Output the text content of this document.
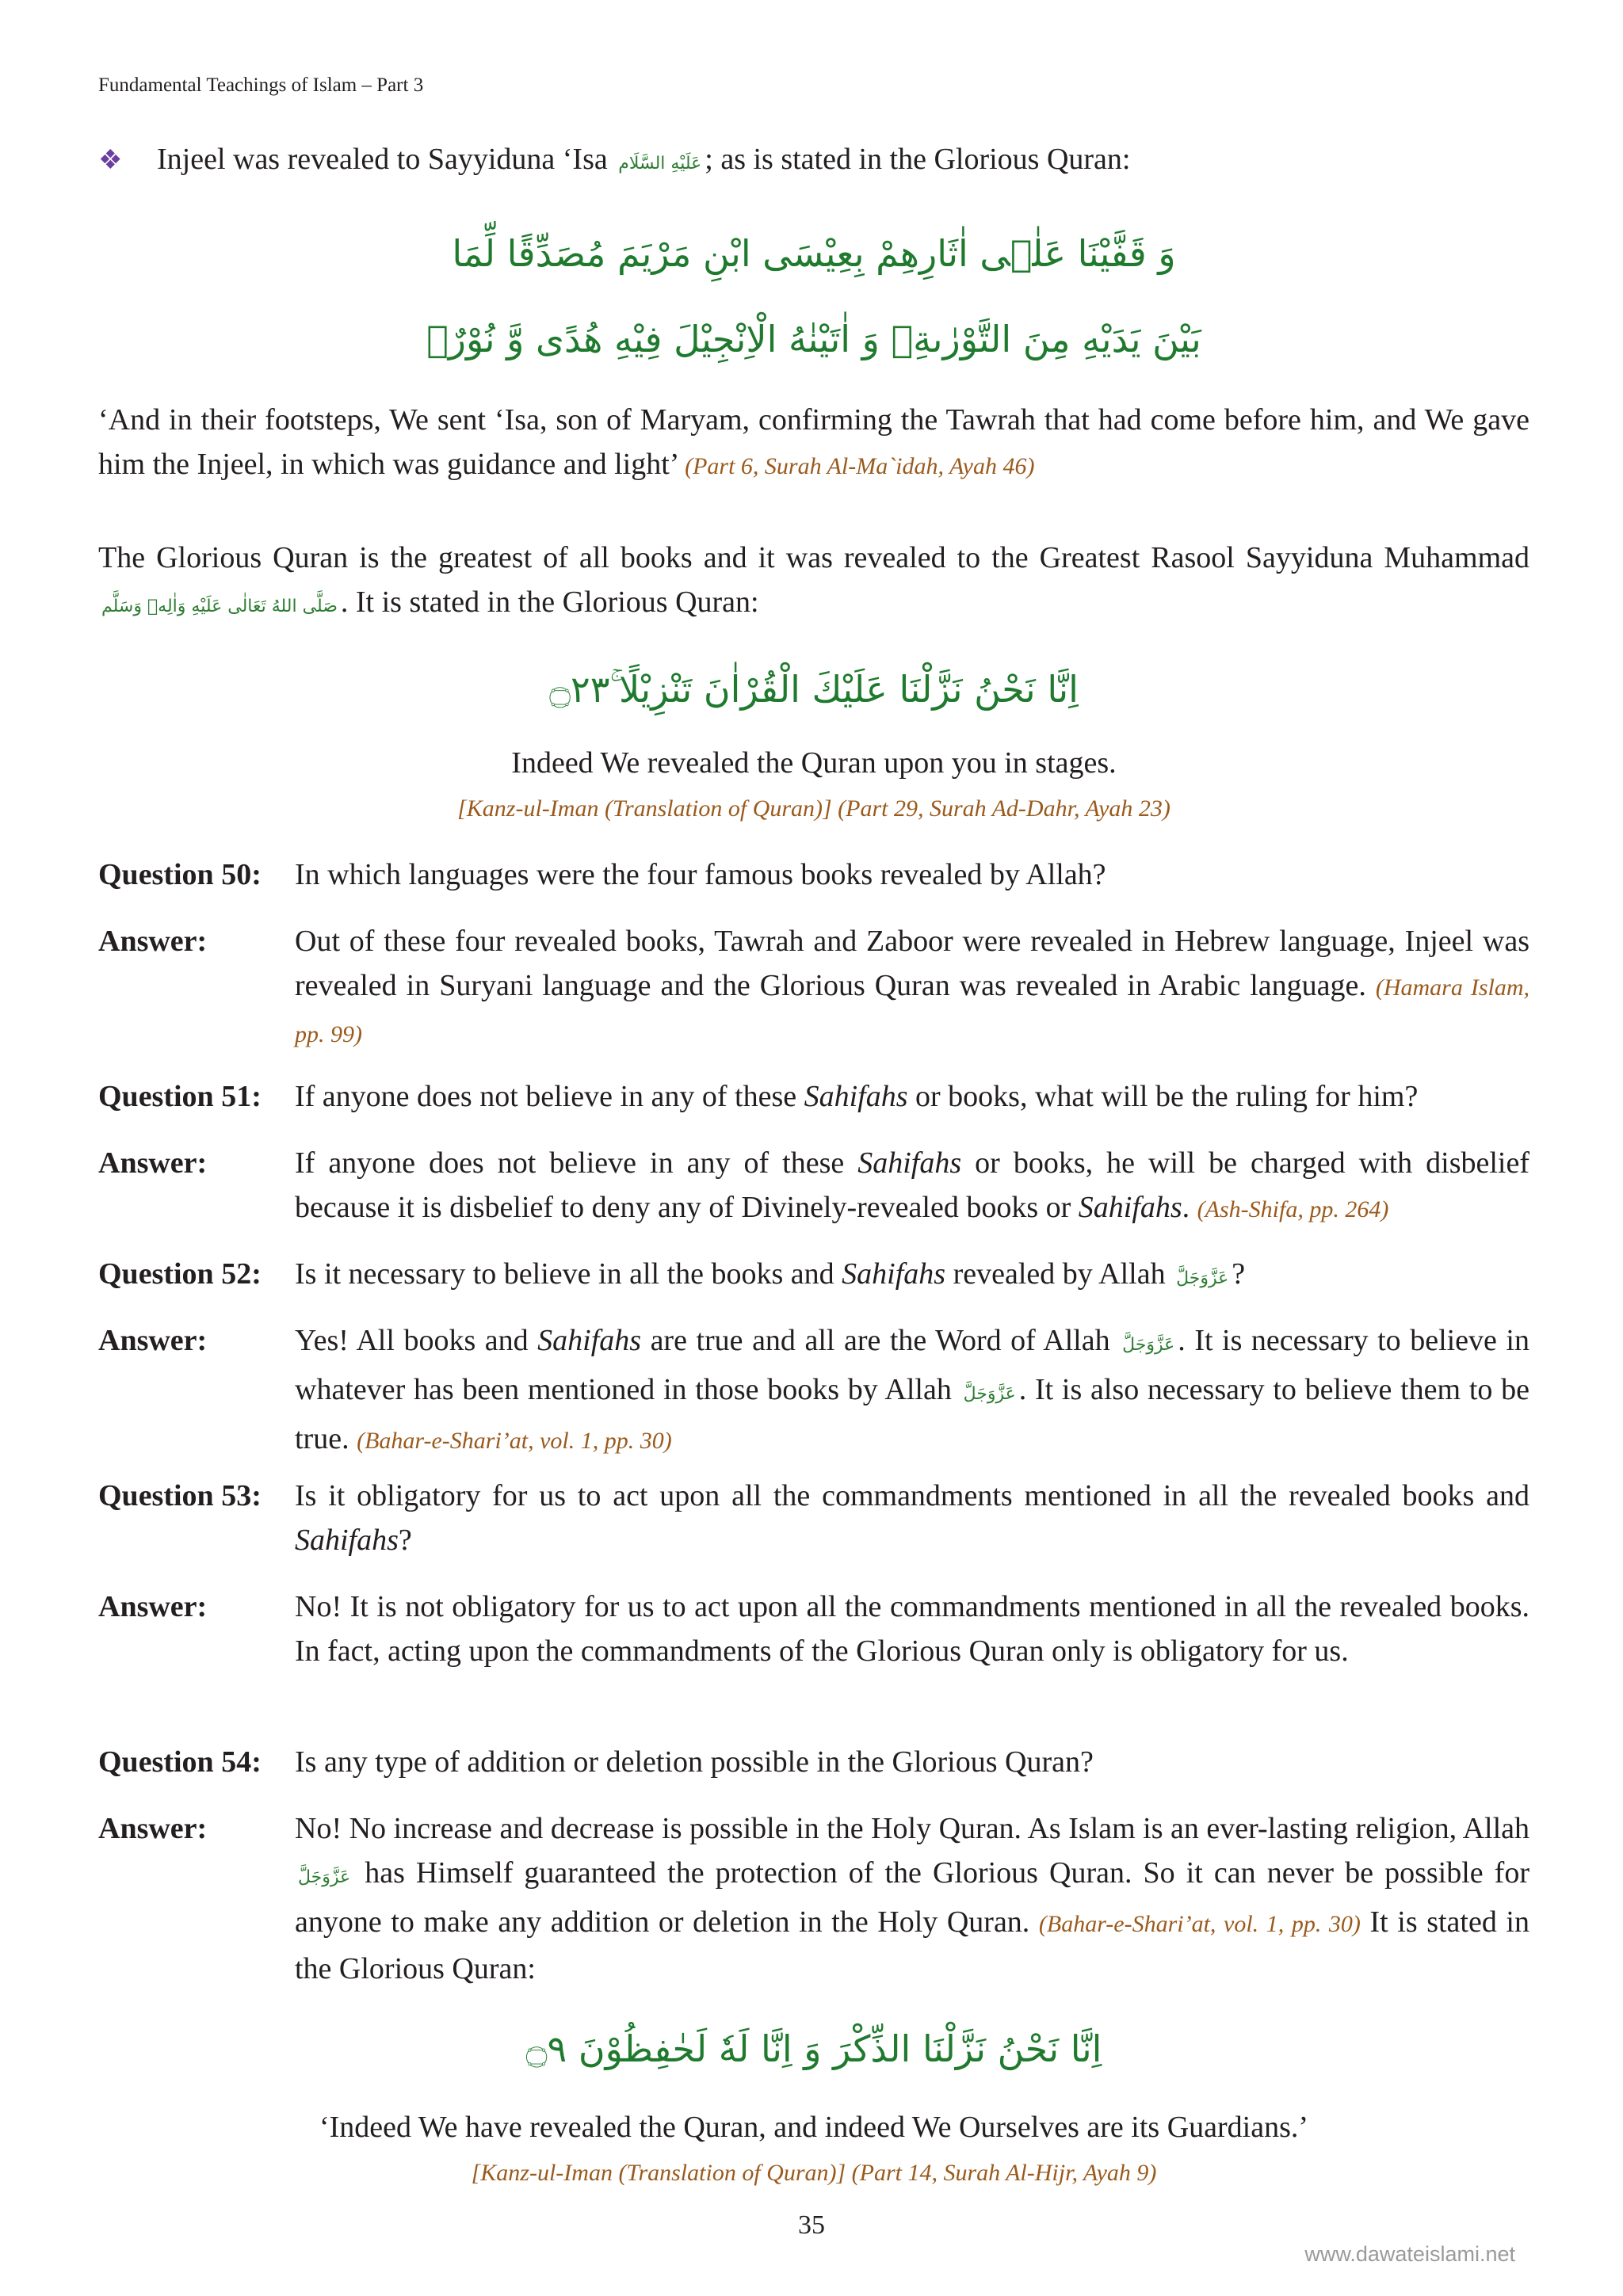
Fundamental Teachings of Islam – Part 3
❖ Injeel was revealed to Sayyiduna ‘Isa عَلَيْهِ السَّلَام ; as is stated in the Glorious Quran:
وَ قَفَّیْنَا عَلٰۤی اٰثَارِهِمْ بِعِیْسَی ابْنِ مَرْیَمَ مُصَدِّقًا لِّمَا
بَیْنَ یَدَیْهِ مِنَ التَّوْرٰىةِ۪ وَ اٰتَیْنٰهُ الْاِنْجِیْلَ فِیْهِ هُدًی وَّ نُوْرٌۙ
‘And in their footsteps, We sent ‘Isa, son of Maryam, confirming the Tawrah that had come before him, and We gave him the Injeel, in which was guidance and light’ (Part 6, Surah Al-Ma`idah, Ayah 46)
The Glorious Quran is the greatest of all books and it was revealed to the Greatest Rasool Sayyiduna Muhammad صَلَّى اللهُ تَعَالٰى عَلَيْهِ وَاٰلِهٖ وَسَلَّم . It is stated in the Glorious Quran:
اِنَّا نَحْنُ نَزَّلْنَا عَلَیْكَ الْقُرْاٰنَ تَنْزِیْلًا ۚ۝۲۳
Indeed We revealed the Quran upon you in stages.
[Kanz-ul-Iman (Translation of Quran)] (Part 29, Surah Ad-Dahr, Ayah 23)
Question 50:	In which languages were the four famous books revealed by Allah?
Answer:	Out of these four revealed books, Tawrah and Zaboor were revealed in Hebrew language, Injeel was revealed in Suryani language and the Glorious Quran was revealed in Arabic language. (Hamara Islam, pp. 99)
Question 51:	If anyone does not believe in any of these Sahifahs or books, what will be the ruling for him?
Answer:	If anyone does not believe in any of these Sahifahs or books, he will be charged with disbelief because it is disbelief to deny any of Divinely-revealed books or Sahifahs. (Ash-Shifa, pp. 264)
Question 52:	Is it necessary to believe in all the books and Sahifahs revealed by Allah عَزَّوَجَلَّ ?
Answer:	Yes! All books and Sahifahs are true and all are the Word of Allah عَزَّوَجَلَّ . It is necessary to believe in whatever has been mentioned in those books by Allah عَزَّوَجَلَّ . It is also necessary to believe them to be true. (Bahar-e-Shari’at, vol. 1, pp. 30)
Question 53:	Is it obligatory for us to act upon all the commandments mentioned in all the revealed books and Sahifahs?
Answer:	No! It is not obligatory for us to act upon all the commandments mentioned in all the revealed books. In fact, acting upon the commandments of the Glorious Quran only is obligatory for us.
Question 54:	Is any type of addition or deletion possible in the Glorious Quran?
Answer:	No! No increase and decrease is possible in the Holy Quran. As Islam is an ever-lasting religion, Allah عَزَّوَجَلَّ has Himself guaranteed the protection of the Glorious Quran. So it can never be possible for anyone to make any addition or deletion in the Holy Quran. (Bahar-e-Shari’at, vol. 1, pp. 30) It is stated in the Glorious Quran:
اِنَّا نَحْنُ نَزَّلْنَا الذِّكْرَ وَ اِنَّا لَهٗ لَحٰفِظُوْنَ ۝۹
‘Indeed We have revealed the Quran, and indeed We Ourselves are its Guardians.’
[Kanz-ul-Iman (Translation of Quran)] (Part 14, Surah Al-Hijr, Ayah 9)
35
www.dawateislami.net
